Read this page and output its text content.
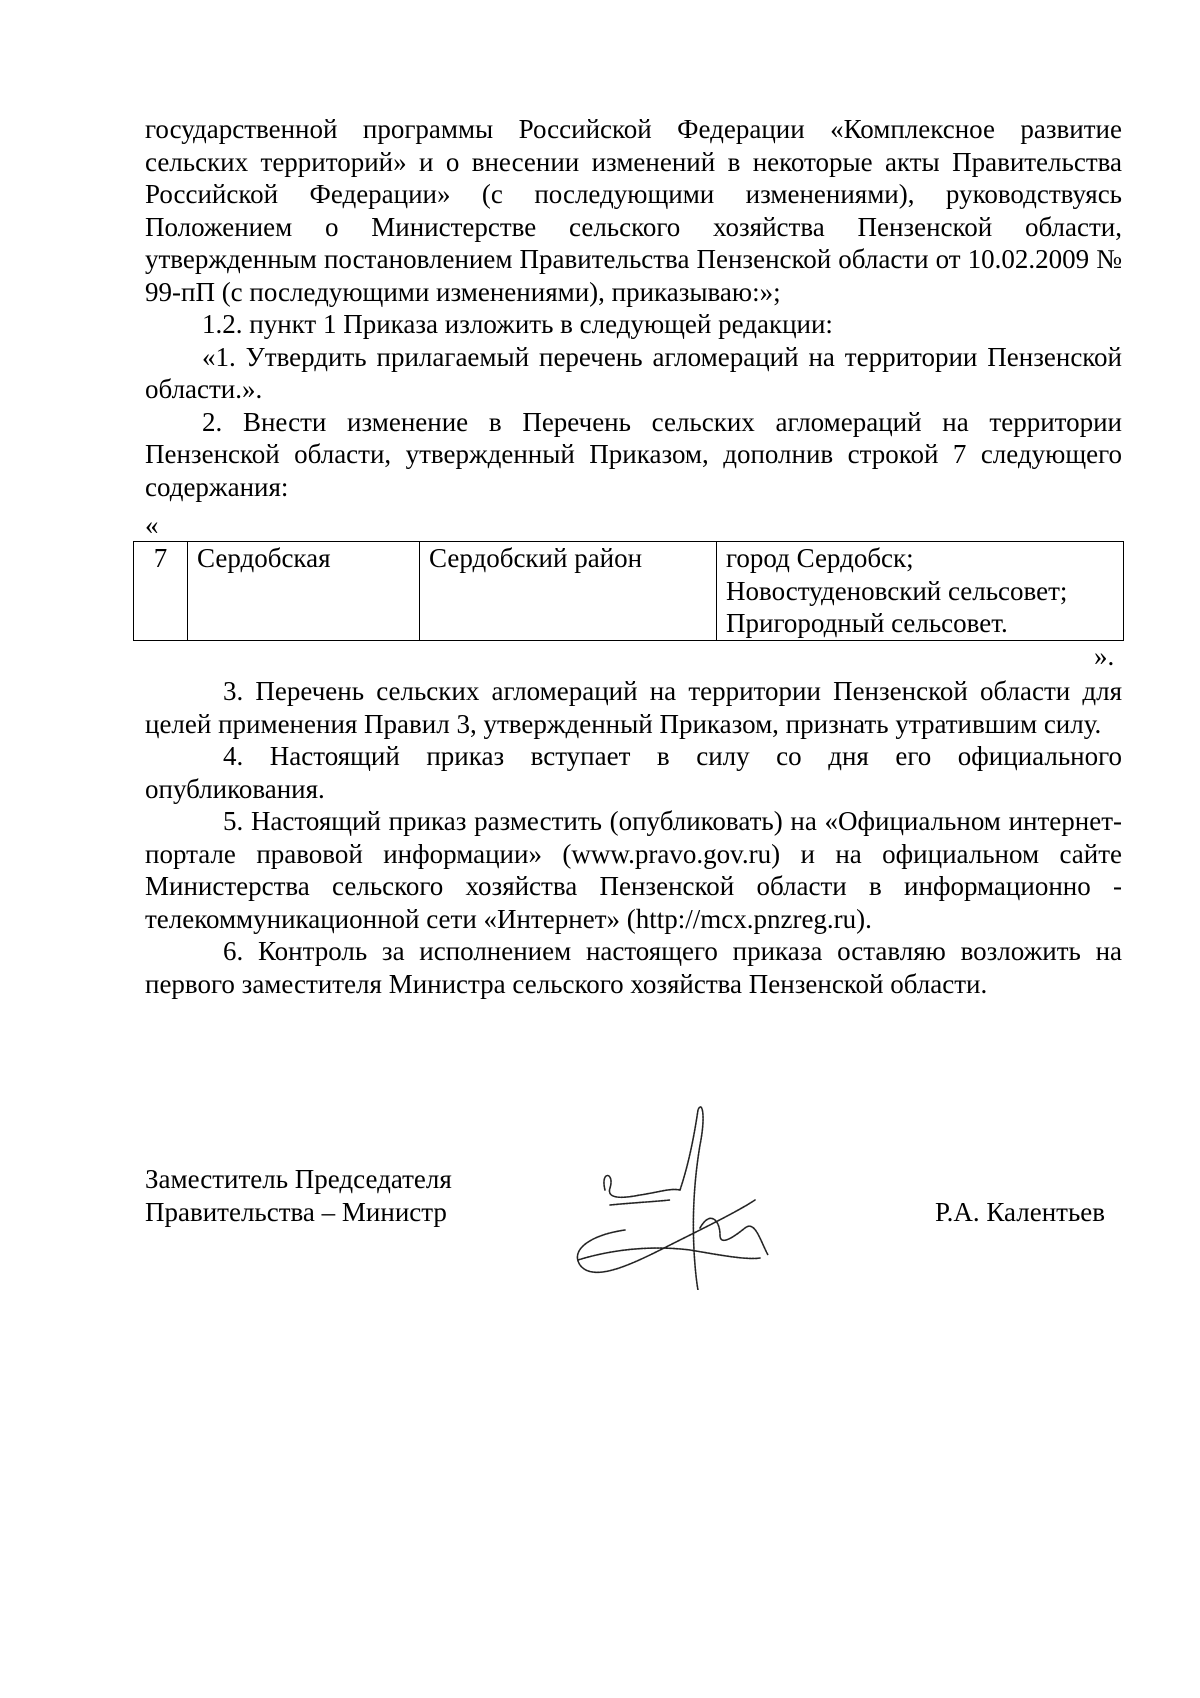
государственной программы Российской Федерации «Комплексное развитие сельских территорий» и о внесении изменений в некоторые акты Правительства Российской Федерации» (с последующими изменениями), руководствуясь Положением о Министерстве сельского хозяйства Пензенской области, утвержденным постановлением Правительства Пензенской области от 10.02.2009 № 99-пП (с последующими изменениями), приказываю:»;

1.2. пункт 1 Приказа изложить в следующей редакции:

«1. Утвердить прилагаемый перечень агломераций на территории Пензенской области.».

2. Внести изменение в Перечень сельских агломераций на территории Пензенской области, утвержденный Приказом, дополнив строкой 7 следующего содержания:

«
7	Сердобская	Сердобский район	город Сердобск;
Новостуденовский сельсовет;
Пригородный сельсовет.
».

3. Перечень сельских агломераций на территории Пензенской области для целей применения Правил 3, утвержденный Приказом, признать утратившим силу.

4. Настоящий приказ вступает в силу со дня его официального опубликования.

5. Настоящий приказ разместить (опубликовать) на «Официальном интернет-портале правовой информации» (www.pravo.gov.ru) и на официальном сайте Министерства сельского хозяйства Пензенской области в информационно - телекоммуникационной сети «Интернет» (http://mcx.pnzreg.ru).

6. Контроль за исполнением настоящего приказа оставляю возложить на первого заместителя Министра сельского хозяйства Пензенской области.

Заместитель Председателя
Правительства – Министр	Р.А. Калентьев
